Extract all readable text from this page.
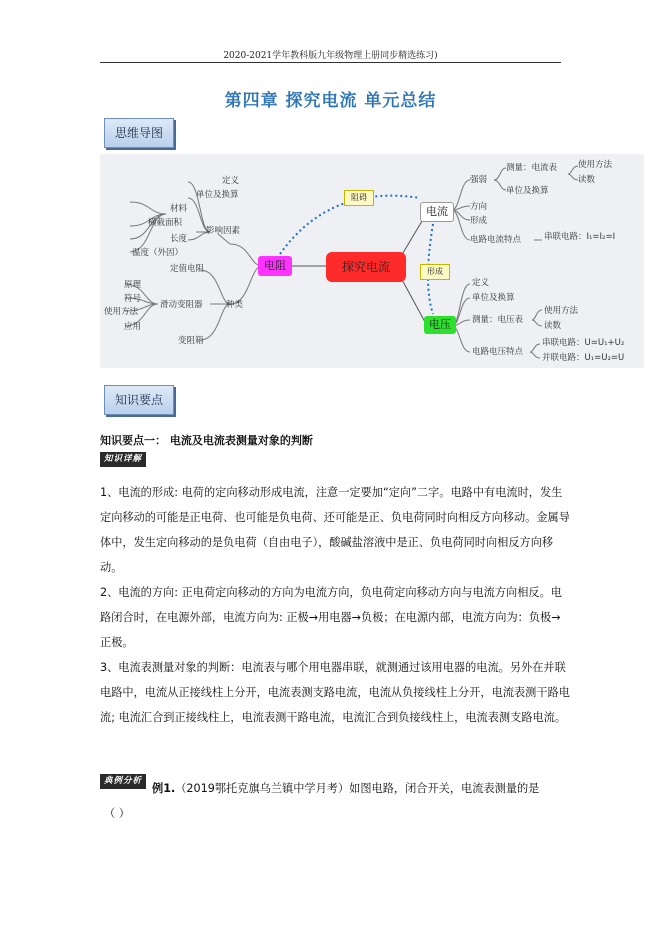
2020-2021学年教科版九年级物理上册同步精选练习)
第四章 探究电流 单元总结
思维导图
探究电流
电阻
电流
电压
阻碍
形成
定义
单位及换算
影响因素
材料
横截面积
长度
温度（外因）
种类
定值电阻
滑动变阻器
变阻箱
原理
符号
使用方法
应用
强弱
测量：电流表 使用方法
读数
单位及换算
方向
形成
电路电流特点	串联电路：I₁=I₂=I
定义
单位及换算
测量：电压表
使用方法
读数
电路电压特点
串联电路：U=U₁+U₂
并联电路：U₁=U₂=U
知识要点
知识要点一： 电流及电流表测量对象的判断
知识详解

1、电流的形成: 电荷的定向移动形成电流，注意一定要加“定向”二字。电路中有电流时，发生定向移动的可能是正电荷、也可能是负电荷、还可能是正、负电荷同时向相反方向移动。金属导体中，发生定向移动的是负电荷（自由电子），酸碱盐溶液中是正、负电荷同时向相反方向移动。

2、电流的方向: 正电荷定向移动的方向为电流方向，负电荷定向移动方向与电流方向相反。电路闭合时，在电源外部，电流方向为: 正极→用电器→负极；在电源内部，电流方向为：负极→正极。

3、电流表测量对象的判断：电流表与哪个用电器串联，就测通过该用电器的电流。另外在并联电路中，电流从正接线柱上分开，电流表测支路电流，电流从负接线柱上分开，电流表测干路电流; 电流汇合到正接线柱上，电流表测干路电流，电流汇合到负接线柱上，电流表测支路电流。

典例分析
例1.（2019鄂托克旗乌兰镇中学月考）如图电路，闭合开关，电流表测量的是
（ ）
